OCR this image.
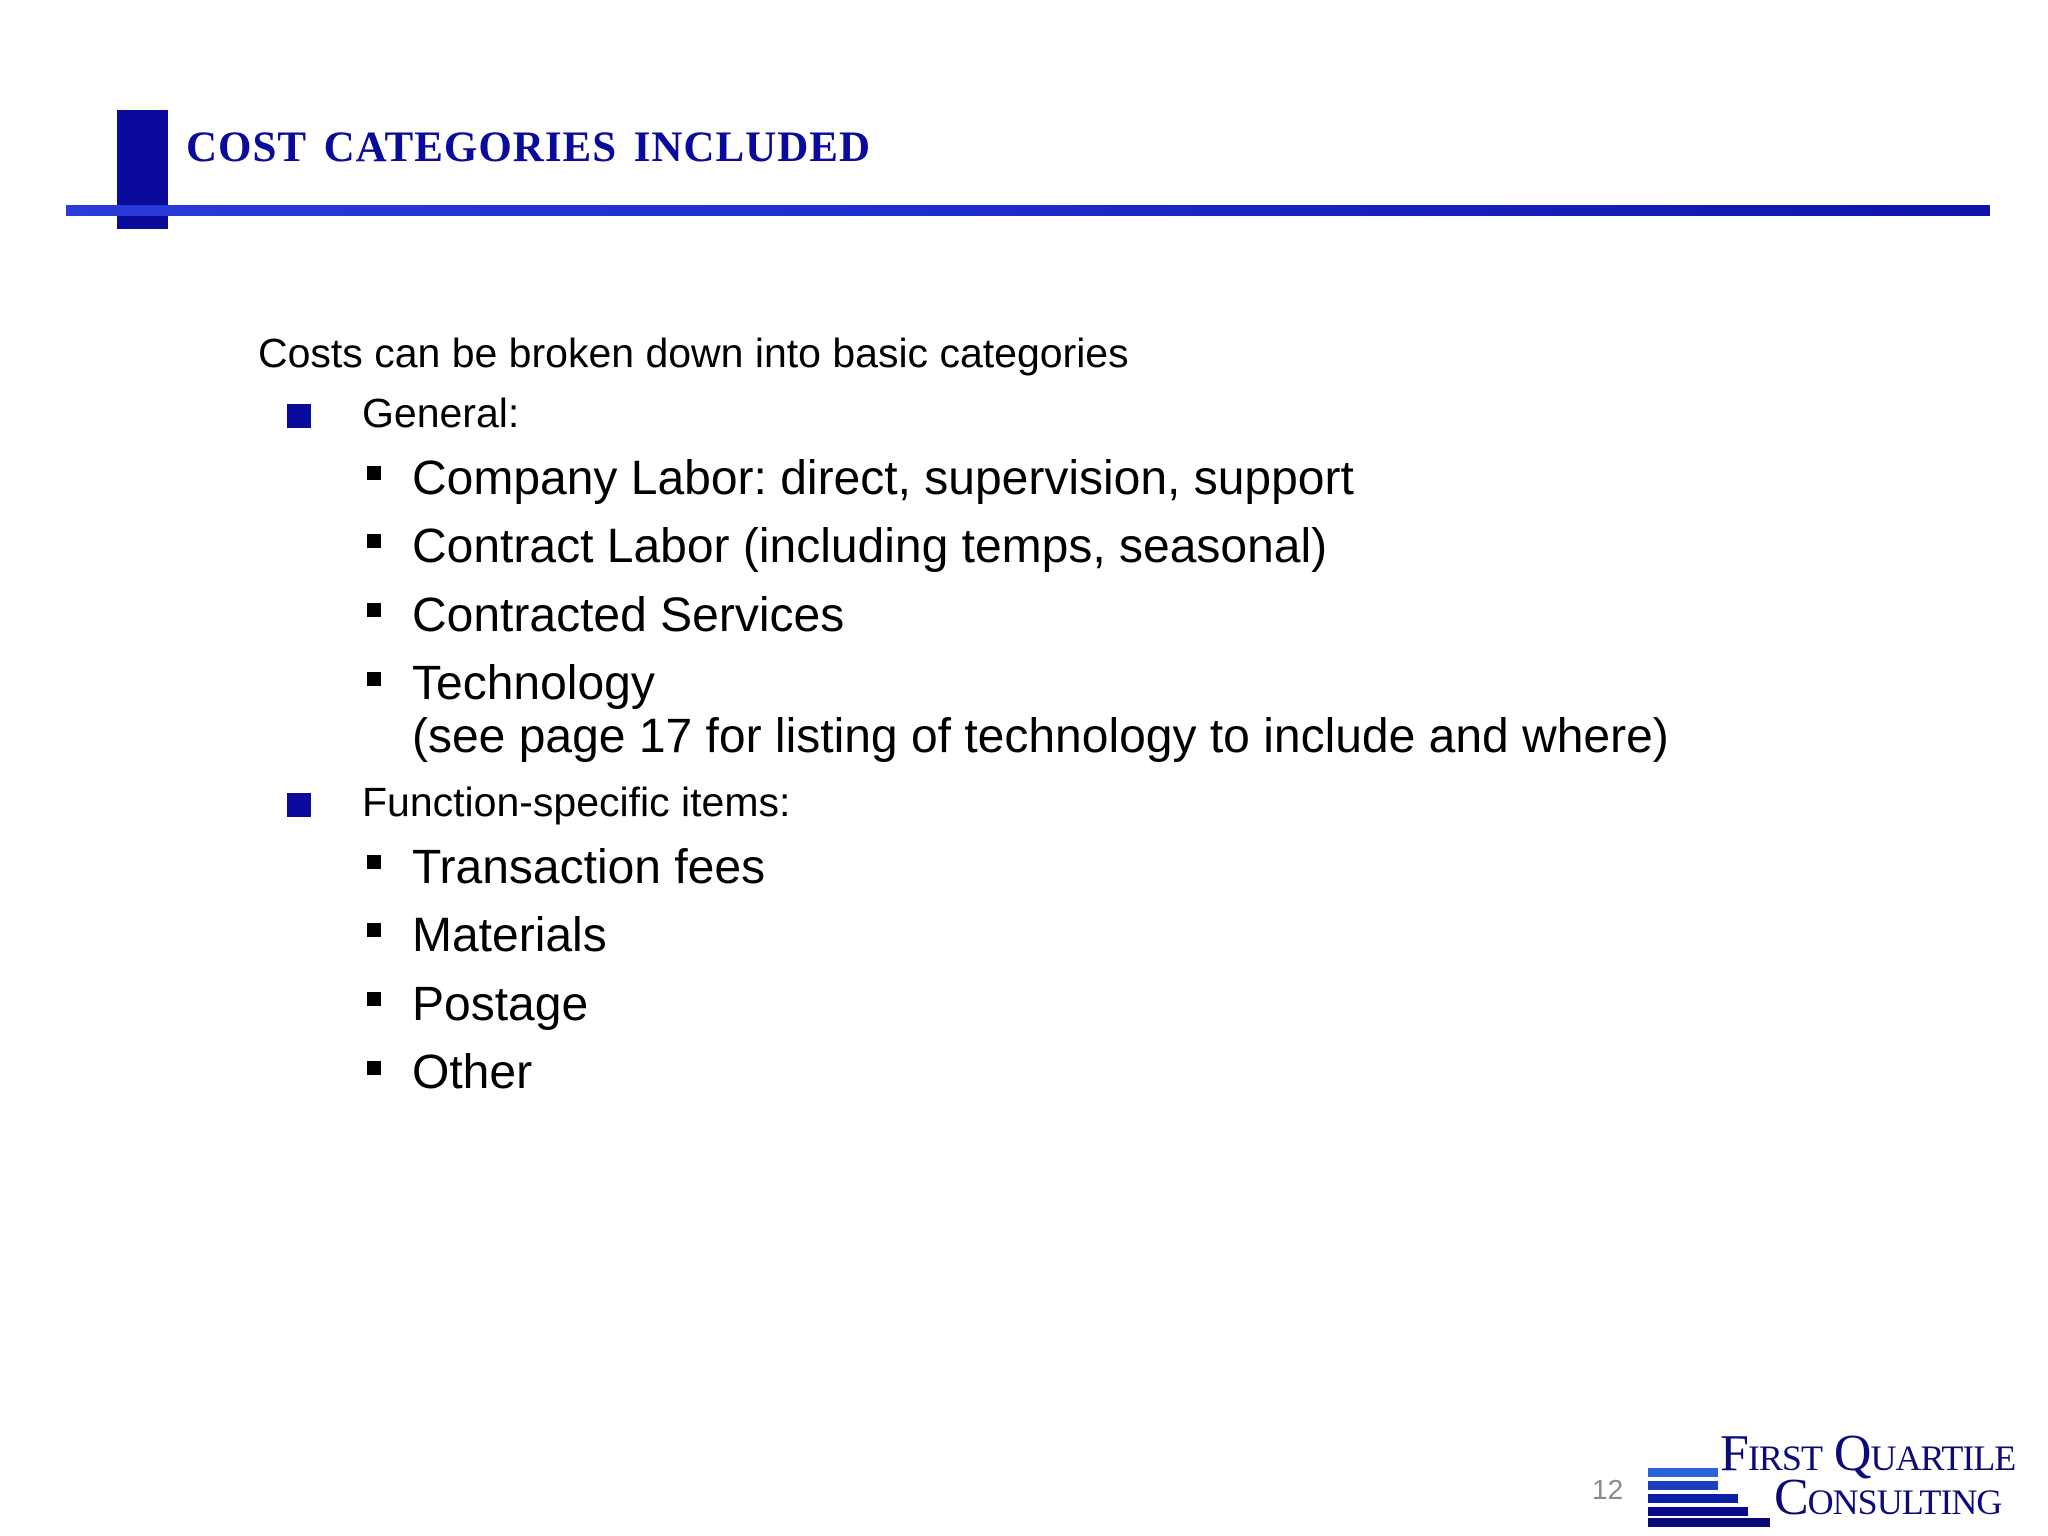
cost categories included
Costs can be broken down into basic categories
General:
Company Labor: direct, supervision, support
Contract Labor (including temps, seasonal)
Contracted Services
Technology
(see page 17 for listing of technology to include and where)
Function-specific items:
Transaction fees
Materials
Postage
Other
12
First Quartile
Consulting
